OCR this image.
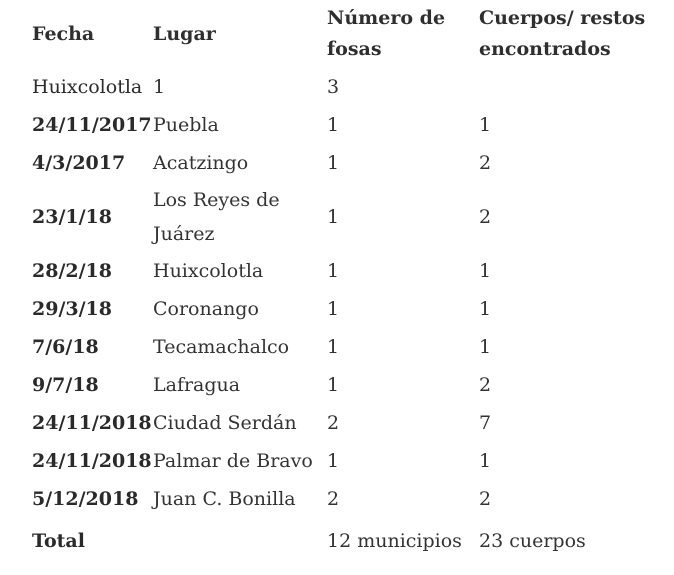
Fecha	Lugar	Número de fosas	Cuerpos/ restos encontrados
Huixcolotla	1	3	
24/11/2017	Puebla	1	1
4/3/2017	Acatzingo	1	2
23/1/18	Los Reyes de Juárez	1	2
28/2/18	Huixcolotla	1	1
29/3/18	Coronango	1	1
7/6/18	Tecamachalco	1	1
9/7/18	Lafragua	1	2
24/11/2018	Ciudad Serdán	2	7
24/11/2018	Palmar de Bravo	1	1
5/12/2018	Juan C. Bonilla	2	2
Total		12 municipios	23 cuerpos
